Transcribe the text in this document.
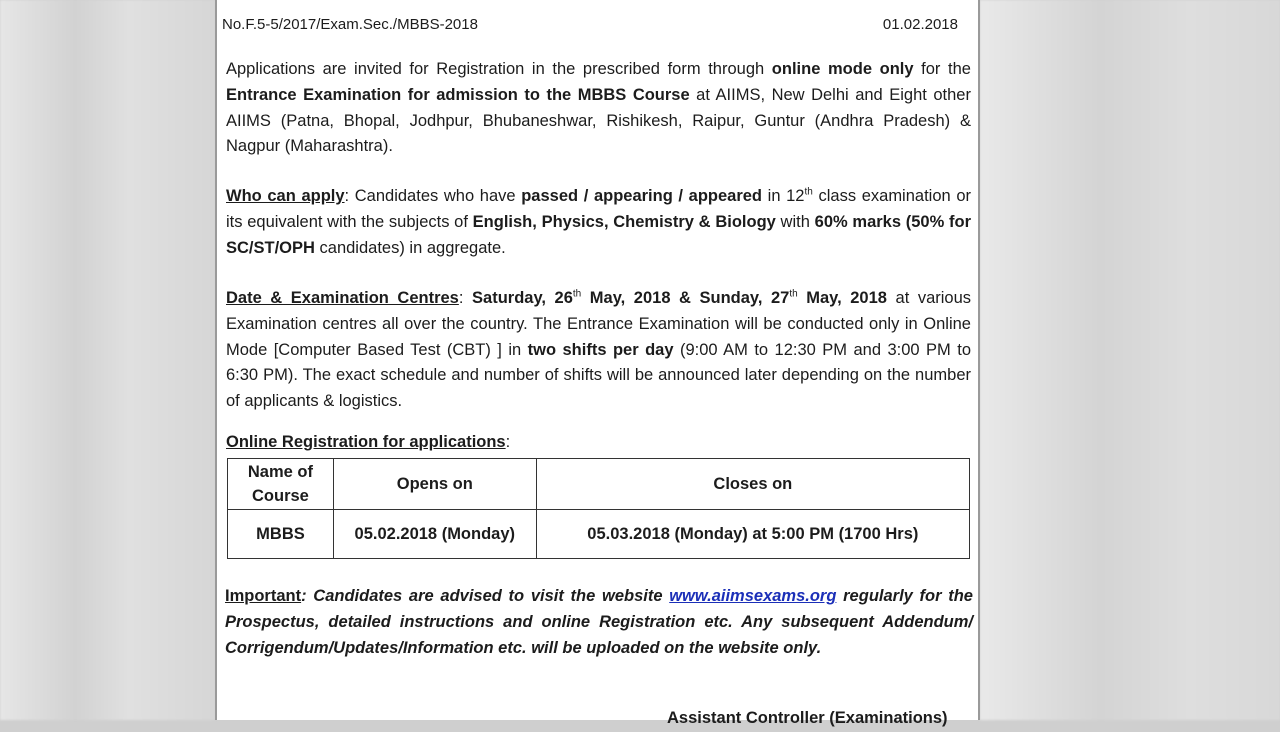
No.F.5-5/2017/Exam.Sec./MBBS-2018	01.02.2018
Applications are invited for Registration in the prescribed form through online mode only for the Entrance Examination for admission to the MBBS Course at AIIMS, New Delhi and Eight other AIIMS (Patna, Bhopal, Jodhpur, Bhubaneshwar, Rishikesh, Raipur, Guntur (Andhra Pradesh) & Nagpur (Maharashtra).
Who can apply: Candidates who have passed / appearing / appeared in 12th class examination or its equivalent with the subjects of English, Physics, Chemistry & Biology with 60% marks (50% for SC/ST/OPH candidates) in aggregate.
Date & Examination Centres: Saturday, 26th May, 2018 & Sunday, 27th May, 2018 at various Examination centres all over the country. The Entrance Examination will be conducted only in Online Mode [Computer Based Test (CBT) ] in two shifts per day (9:00 AM to 12:30 PM and 3:00 PM to 6:30 PM). The exact schedule and number of shifts will be announced later depending on the number of applicants & logistics.
Online Registration for applications:
Name of Course	Opens on	Closes on
MBBS	05.02.2018 (Monday)	05.03.2018 (Monday) at 5:00 PM (1700 Hrs)
Important: Candidates are advised to visit the website www.aiimsexams.org regularly for the Prospectus, detailed instructions and online Registration etc. Any subsequent Addendum/ Corrigendum/Updates/Information etc. will be uploaded on the website only.
Assistant Controller (Examinations)
